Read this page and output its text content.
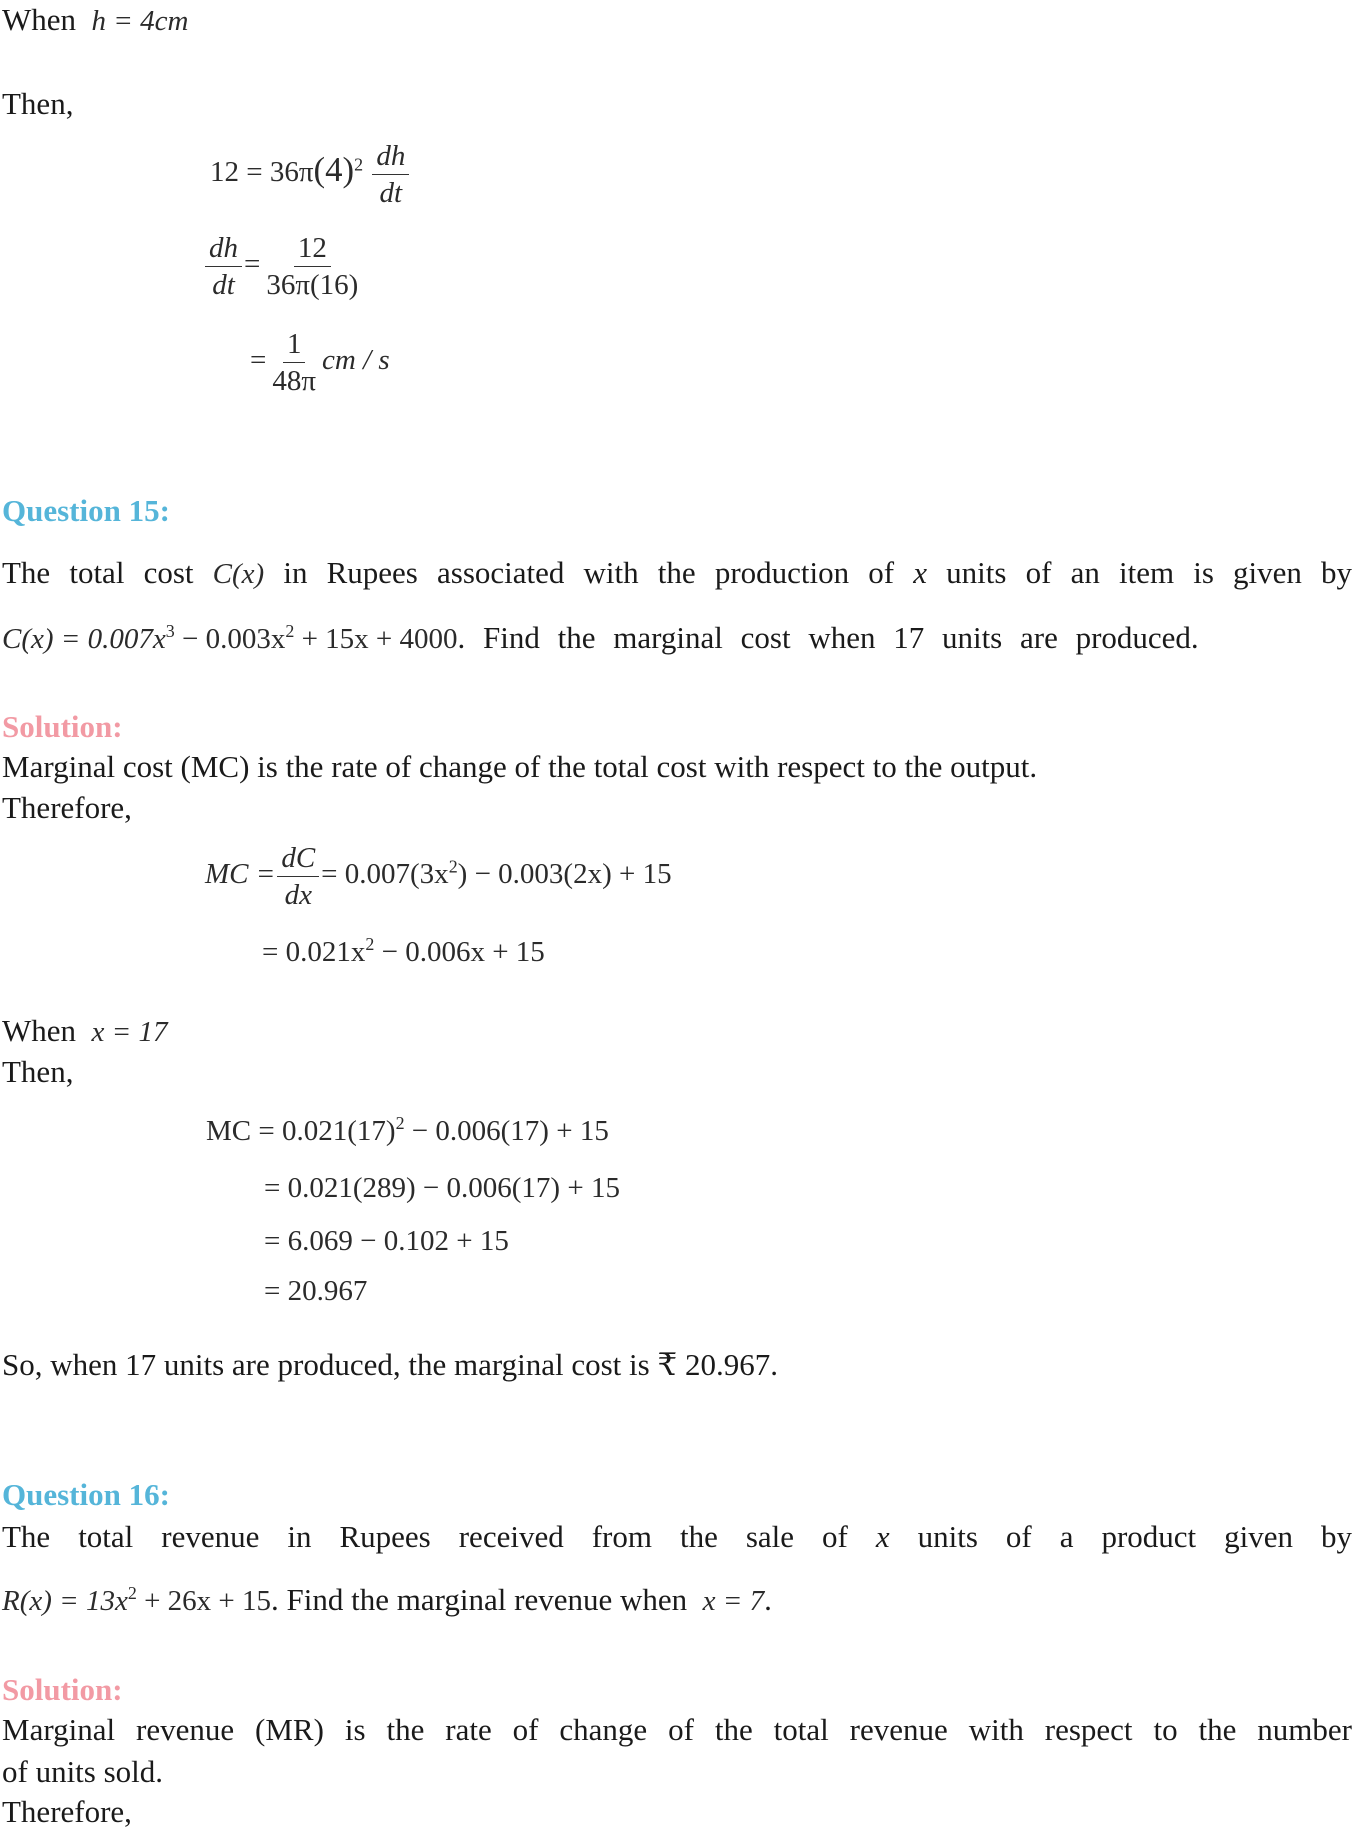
When h = 4cm
Then,
$12 = 36\pi(4)^2 \frac{dh}{dt}$
$\frac{dh}{dt} = \frac{12}{36\pi(16)}$
= $\frac{1}{48\pi}$ cm / s
Question 15:
The total cost C(x) in Rupees associated with the production of x units of an item is given by
$C(x) = 0.007x^3 - 0.003x^2 + 15x + 4000$. Find the marginal cost when 17 units are produced.
Solution:
Marginal cost (MC) is the rate of change of the total cost with respect to the output.
Therefore,
MC = $\frac{dC}{dx} = 0.007(3x^2) - 0.003(2x) + 15$
= $0.021x^2 - 0.006x + 15$
When x = 17
Then,
MC = $0.021(17)^2 - 0.006(17) + 15$
= 0.021(289) − 0.006(17) + 15
= 6.069 − 0.102 + 15
= 20.967
So, when 17 units are produced, the marginal cost is ₹ 20.967.
Question 16:
The total revenue in Rupees received from the sale of x units of a product given by
$R(x) = 13x^2 + 26x + 15$. Find the marginal revenue when x = 7.
Solution:
Marginal revenue (MR) is the rate of change of the total revenue with respect to the number
of units sold.
Therefore,
